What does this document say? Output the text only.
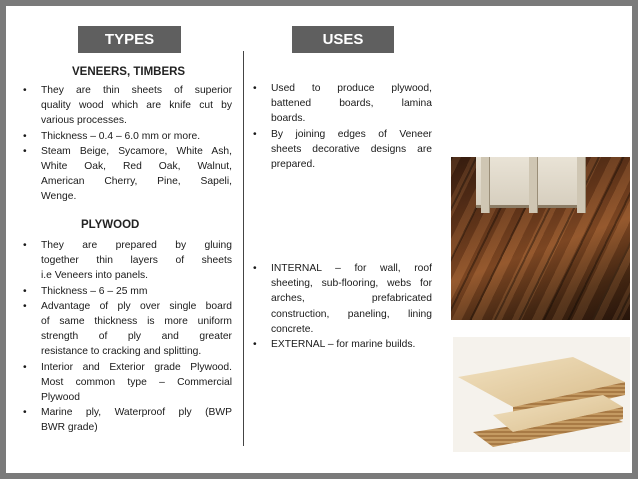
TYPES	USES
VENEERS, TIMBERS
• They are thin sheets of superior
quality wood which are knife cut by
various processes.
• Thickness – 0.4 – 6.0 mm or more.
• Steam Beige, Sycamore, White Ash,
White Oak, Red Oak, Walnut,
American Cherry, Pine, Sapeli,
Wenge.
PLYWOOD
• They are prepared by gluing
together thin layers of sheets
i.e Veneers into panels.
• Thickness – 6 – 25 mm
• Advantage of ply over single board
of same thickness is more uniform
strength of ply and greater
resistance to cracking and splitting.
• Interior and Exterior grade Plywood.
Most common type – Commercial
Plywood
• Marine ply, Waterproof ply (BWP
BWR grade)
• Used to produce plywood,
battened boards, lamina
boards.
• By joining edges of Veneer
sheets decorative designs are
prepared.
• INTERNAL – for wall, roof
sheeting, sub-flooring, webs for
arches, prefabricated
construction, paneling, lining
concrete.
• EXTERNAL – for marine builds.
